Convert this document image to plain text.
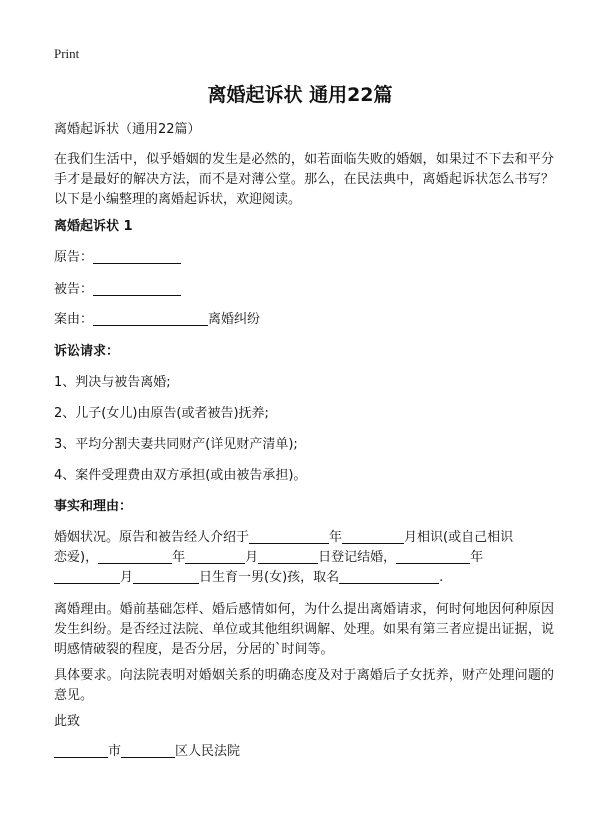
Print
离婚起诉状 通用22篇
离婚起诉状（通用22篇）
在我们生活中，似乎婚姻的发生是必然的，如若面临失败的婚姻，如果过不下去和平分手才是最好的解决方法，而不是对薄公堂。那么，在民法典中，离婚起诉状怎么书写？以下是小编整理的离婚起诉状，欢迎阅读。
离婚起诉状 1
原告：
被告：
案由：	离婚纠纷
诉讼请求：
1、判决与被告离婚;
2、儿子(女儿)由原告(或者被告)抚养;
3、平均分割夫妻共同财产(详见财产清单);
4、案件受理费由双方承担(或由被告承担)。
事实和理由：
婚姻状况。原告和被告经人介绍于	年	月相识(或自己相识
恋爱)，	年	月	日登记结婚，	年
月	日生育一男(女)孩，取名	.
离婚理由。婚前基础怎样、婚后感情如何，为什么提出离婚请求，何时何地因何种原因发生纠纷。是否经过法院、单位或其他组织调解、处理。如果有第三者应提出证据，说明感情破裂的程度，是否分居，分居的`时间等。
具体要求。向法院表明对婚姻关系的明确态度及对于离婚后子女抚养，财产处理问题的意见。
此致
市	区人民法院
